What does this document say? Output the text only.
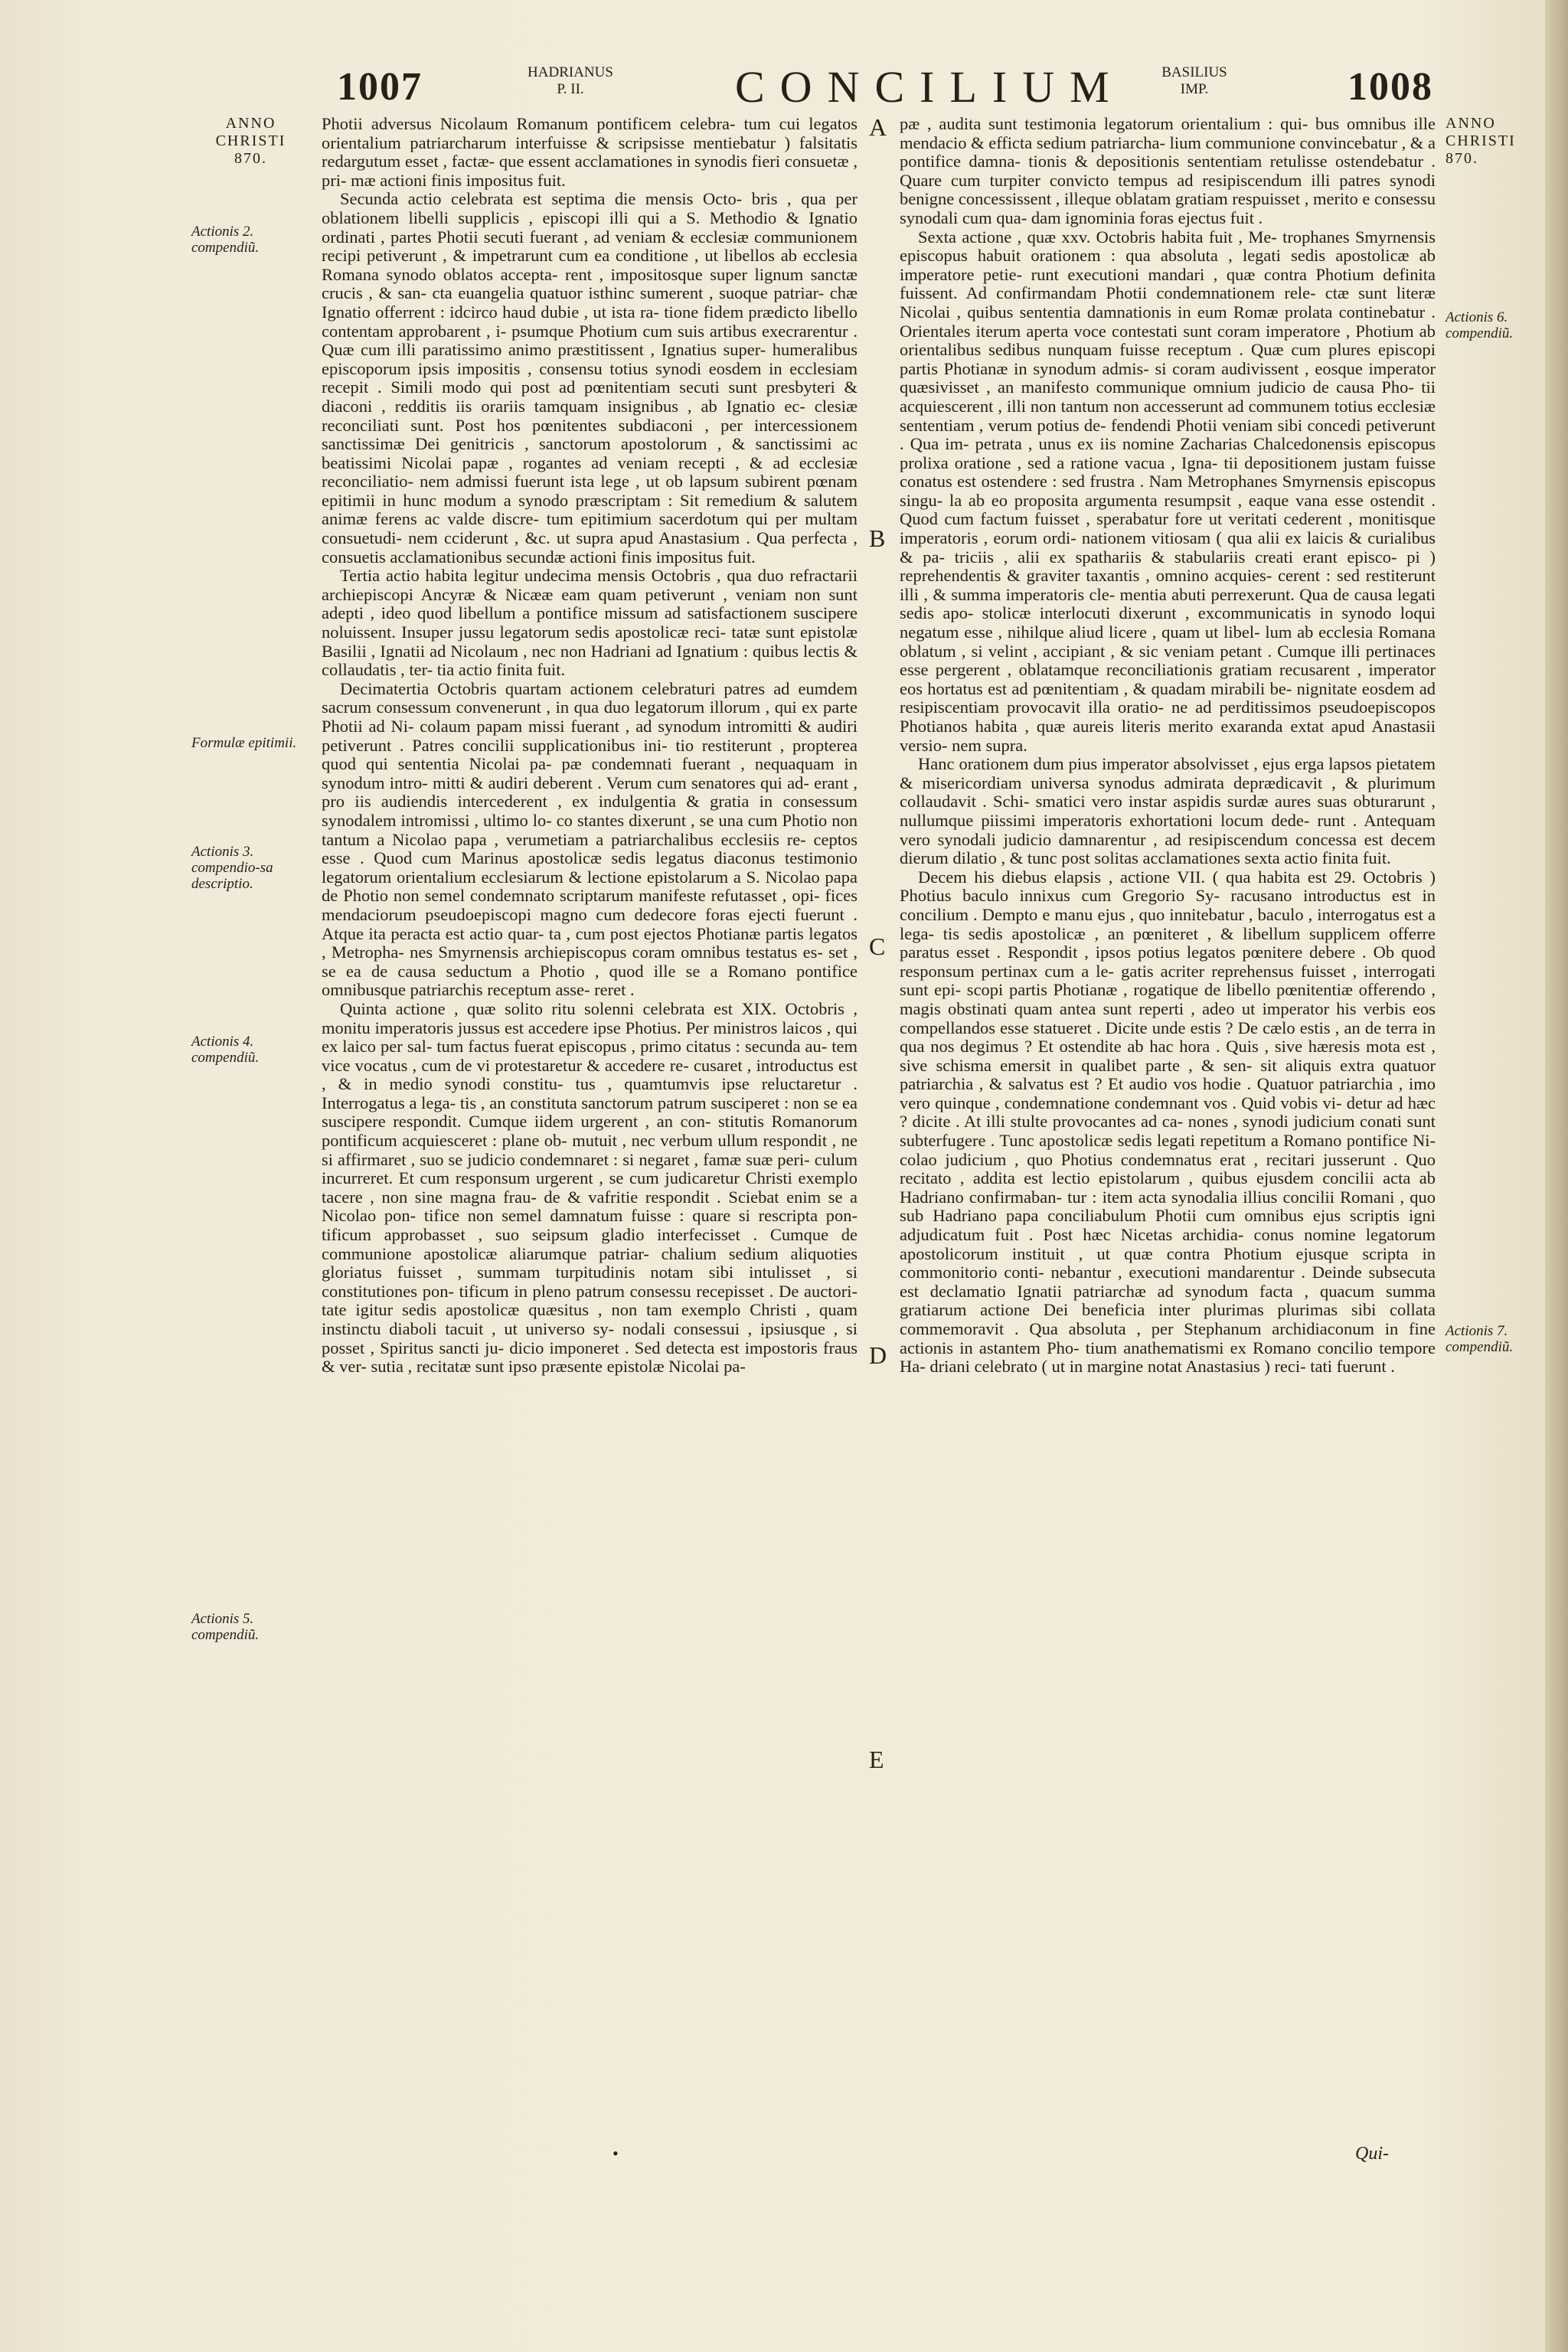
1007	HADRIANUS
P. II.	CONCILIUM	BASILIUS
IMP.	1008
ANNO
CHRISTI
870.
Actionis 2. compendiũ.
Formulæ epitimii.
Actionis 3. compendio-sa descriptio.
Actionis 4. compendiũ.
Actionis 5. compendiũ.
ANNO
CHRISTI
870.
Actionis 6. compendiũ.
Actionis 7. compendiũ.
A
B
C
D
E

Photii adversus Nicolaum Romanum pontificem celebra- tum cui legatos orientalium patriarcharum interfuisse & scripsisse mentiebatur ) falsitatis redargutum esset , factæ- que essent acclamationes in synodis fieri consuetæ , pri- mæ actioni finis impositus fuit.

Secunda actio celebrata est septima die mensis Octo- bris , qua per oblationem libelli supplicis , episcopi illi qui a S. Methodio & Ignatio ordinati , partes Photii secuti fuerant , ad veniam & ecclesiæ communionem recipi petiverunt , & impetrarunt cum ea conditione , ut libellos ab ecclesia Romana synodo oblatos accepta- rent , impositosque super lignum sanctæ crucis , & san- cta euangelia quatuor isthinc sumerent , suoque patriar- chæ Ignatio offerrent : idcirco haud dubie , ut ista ra- tione fidem prædicto libello contentam approbarent , i- psumque Photium cum suis artibus execrarentur . Quæ cum illi paratissimo animo præstitissent , Ignatius super- humeralibus episcoporum ipsis impositis , consensu totius synodi eosdem in ecclesiam recepit . Simili modo qui post ad pœnitentiam secuti sunt presbyteri & diaconi , redditis iis orariis tamquam insignibus , ab Ignatio ec- clesiæ reconciliati sunt. Post hos pœnitentes subdiaconi , per intercessionem sanctissimæ Dei genitricis , sanctorum apostolorum , & sanctissimi ac beatissimi Nicolai papæ , rogantes ad veniam recepti , & ad ecclesiæ reconciliatio- nem admissi fuerunt ista lege , ut ob lapsum subirent pœnam epitimii in hunc modum a synodo præscriptam : Sit remedium & salutem animæ ferens ac valde discre- tum epitimium sacerdotum qui per multam consuetudi- nem cciderunt , &c. ut supra apud Anastasium . Qua perfecta , consuetis acclamationibus secundæ actioni finis impositus fuit.

Tertia actio habita legitur undecima mensis Octobris , qua duo refractarii archiepiscopi Ancyræ & Nicææ eam quam petiverunt , veniam non sunt adepti , ideo quod libellum a pontifice missum ad satisfactionem suscipere noluissent. Insuper jussu legatorum sedis apostolicæ reci- tatæ sunt epistolæ Basilii , Ignatii ad Nicolaum , nec non Hadriani ad Ignatium : quibus lectis & collaudatis , ter- tia actio finita fuit.

Decimatertia Octobris quartam actionem celebraturi patres ad eumdem sacrum consessum convenerunt , in qua duo legatorum illorum , qui ex parte Photii ad Ni- colaum papam missi fuerant , ad synodum intromitti & audiri petiverunt . Patres concilii supplicationibus ini- tio restiterunt , propterea quod qui sententia Nicolai pa- pæ condemnati fuerant , nequaquam in synodum intro- mitti & audiri deberent . Verum cum senatores qui ad- erant , pro iis audiendis intercederent , ex indulgentia & gratia in consessum synodalem intromissi , ultimo lo- co stantes dixerunt , se una cum Photio non tantum a Nicolao papa , verumetiam a patriarchalibus ecclesiis re- ceptos esse . Quod cum Marinus apostolicæ sedis legatus diaconus testimonio legatorum orientalium ecclesiarum & lectione epistolarum a S. Nicolao papa de Photio non semel condemnato scriptarum manifeste refutasset , opi- fices mendaciorum pseudoepiscopi magno cum dedecore foras ejecti fuerunt . Atque ita peracta est actio quar- ta , cum post ejectos Photianæ partis legatos , Metropha- nes Smyrnensis archiepiscopus coram omnibus testatus es- set , se ea de causa seductum a Photio , quod ille se a Romano pontifice omnibusque patriarchis receptum asse- reret .

Quinta actione , quæ solito ritu solenni celebrata est XIX. Octobris , monitu imperatoris jussus est accedere ipse Photius. Per ministros laicos , qui ex laico per sal- tum factus fuerat episcopus , primo citatus : secunda au- tem vice vocatus , cum de vi protestaretur & accedere re- cusaret , introductus est , & in medio synodi constitu- tus , quamtumvis ipse reluctaretur . Interrogatus a lega- tis , an constituta sanctorum patrum susciperet : non se ea suscipere respondit. Cumque iidem urgerent , an con- stitutis Romanorum pontificum acquiesceret : plane ob- mutuit , nec verbum ullum respondit , ne si affirmaret , suo se judicio condemnaret : si negaret , famæ suæ peri- culum incurreret. Et cum responsum urgerent , se cum judicaretur Christi exemplo tacere , non sine magna frau- de & vafritie respondit . Sciebat enim se a Nicolao pon- tifice non semel damnatum fuisse : quare si rescripta pon- tificum approbasset , suo seipsum gladio interfecisset . Cumque de communione apostolicæ aliarumque patriar- chalium sedium aliquoties gloriatus fuisset , summam turpitudinis notam sibi intulisset , si constitutiones pon- tificum in pleno patrum consessu recepisset . De auctori- tate igitur sedis apostolicæ quæsitus , non tam exemplo Christi , quam instinctu diaboli tacuit , ut universo sy- nodali consessui , ipsiusque , si posset , Spiritus sancti ju- dicio imponeret . Sed detecta est impostoris fraus & ver- sutia , recitatæ sunt ipso præsente epistolæ Nicolai pa-

pæ , audita sunt testimonia legatorum orientalium : qui- bus omnibus ille mendacio & efficta sedium patriarcha- lium communione convincebatur , & a pontifice damna- tionis & depositionis sententiam retulisse ostendebatur . Quare cum turpiter convicto tempus ad resipiscendum illi patres synodi benigne concessissent , illeque oblatam gratiam respuisset , merito e consessu synodali cum qua- dam ignominia foras ejectus fuit .

Sexta actione , quæ xxv. Octobris habita fuit , Me- trophanes Smyrnensis episcopus habuit orationem : qua absoluta , legati sedis apostolicæ ab imperatore petie- runt executioni mandari , quæ contra Photium definita fuissent. Ad confirmandam Photii condemnationem rele- ctæ sunt literæ Nicolai , quibus sententia damnationis in eum Romæ prolata continebatur . Orientales iterum aperta voce contestati sunt coram imperatore , Photium ab orientalibus sedibus nunquam fuisse receptum . Quæ cum plures episcopi partis Photianæ in synodum admis- si coram audivissent , eosque imperator quæsivisset , an manifesto communique omnium judicio de causa Pho- tii acquiescerent , illi non tantum non accesserunt ad communem totius ecclesiæ sententiam , verum potius de- fendendi Photii veniam sibi concedi petiverunt . Qua im- petrata , unus ex iis nomine Zacharias Chalcedonensis episcopus prolixa oratione , sed a ratione vacua , Igna- tii depositionem justam fuisse conatus est ostendere : sed frustra . Nam Metrophanes Smyrnensis episcopus singu- la ab eo proposita argumenta resumpsit , eaque vana esse ostendit . Quod cum factum fuisset , sperabatur fore ut veritati cederent , monitisque imperatoris , eorum ordi- nationem vitiosam ( qua alii ex laicis & curialibus & pa- triciis , alii ex spathariis & stabulariis creati erant episco- pi ) reprehendentis & graviter taxantis , omnino acquies- cerent : sed restiterunt illi , & summa imperatoris cle- mentia abuti perrexerunt. Qua de causa legati sedis apo- stolicæ interlocuti dixerunt , excommunicatis in synodo loqui negatum esse , nihilque aliud licere , quam ut libel- lum ab ecclesia Romana oblatum , si velint , accipiant , & sic veniam petant . Cumque illi pertinaces esse pergerent , oblatamque reconciliationis gratiam recusarent , imperator eos hortatus est ad pœnitentiam , & quadam mirabili be- nignitate eosdem ad resipiscentiam provocavit illa oratio- ne ad perditissimos pseudoepiscopos Photianos habita , quæ aureis literis merito exaranda extat apud Anastasii versio- nem supra.

Hanc orationem dum pius imperator absolvisset , ejus erga lapsos pietatem & misericordiam universa synodus admirata deprædicavit , & plurimum collaudavit . Schi- smatici vero instar aspidis surdæ aures suas obturarunt , nullumque piissimi imperatoris exhortationi locum dede- runt . Antequam vero synodali judicio damnarentur , ad resipiscendum concessa est decem dierum dilatio , & tunc post solitas acclamationes sexta actio finita fuit.

Decem his diebus elapsis , actione VII. ( qua habita est 29. Octobris ) Photius baculo innixus cum Gregorio Sy- racusano introductus est in concilium . Dempto e manu ejus , quo innitebatur , baculo , interrogatus est a lega- tis sedis apostolicæ , an pœniteret , & libellum supplicem offerre paratus esset . Respondit , ipsos potius legatos pœnitere debere . Ob quod responsum pertinax cum a le- gatis acriter reprehensus fuisset , interrogati sunt epi- scopi partis Photianæ , rogatique de libello pœnitentiæ offerendo , magis obstinati quam antea sunt reperti , adeo ut imperator his verbis eos compellandos esse statueret . Dicite unde estis ? De cælo estis , an de terra in qua nos degimus ? Et ostendite ab hac hora . Quis , sive hæresis mota est , sive schisma emersit in qualibet parte , & sen- sit aliquis extra quatuor patriarchia , & salvatus est ? Et audio vos hodie . Quatuor patriarchia , imo vero quinque , condemnatione condemnant vos . Quid vobis vi- detur ad hæc ? dicite . At illi stulte provocantes ad ca- nones , synodi judicium conati sunt subterfugere . Tunc apostolicæ sedis legati repetitum a Romano pontifice Ni- colao judicium , quo Photius condemnatus erat , recitari jusserunt . Quo recitato , addita est lectio epistolarum , quibus ejusdem concilii acta ab Hadriano confirmaban- tur : item acta synodalia illius concilii Romani , quo sub Hadriano papa conciliabulum Photii cum omnibus ejus scriptis igni adjudicatum fuit . Post hæc Nicetas archidia- conus nomine legatorum apostolicorum instituit , ut quæ contra Photium ejusque scripta in commonitorio conti- nebantur , executioni mandarentur . Deinde subsecuta est declamatio Ignatii patriarchæ ad synodum facta , quacum summa gratiarum actione Dei beneficia inter plurimas plurimas sibi collata commemoravit . Qua absoluta , per Stephanum archidiaconum in fine actionis in astantem Pho- tium anathematismi ex Romano concilio tempore Ha- driani celebrato ( ut in margine notat Anastasius ) reci- tati fuerunt .

•	Qui-
